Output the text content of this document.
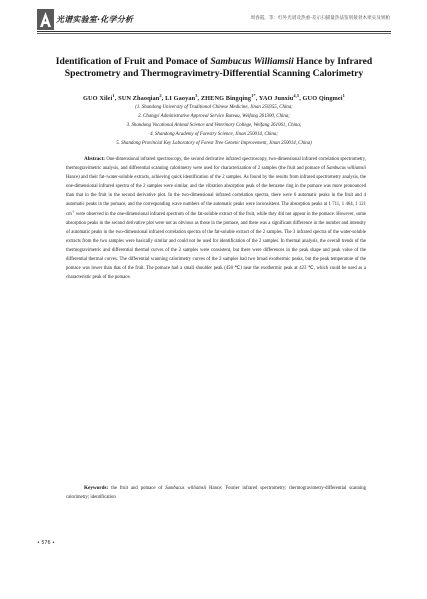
光谱实验室·化学分析	周春霞，等：红外光谱及热重-差示扫描量热法鉴别接骨木果实及果粕
Identification of Fruit and Pomace of Sambucus Williamsii Hance by Infrared
Spectrometry and Thermogravimetry-Differential Scanning Calorimetry
GUO Xilei$^1$, SUN Zhaoqian$^2$, LI Gaoyan$^3$, ZHENG Bingqing$^{1*}$, YAO Junxiu$^{4,5}$, GUO Qingmei$^1$
(1. Shandong University of Traditional Chinese Medicine, Jinan 250355, China;
2. Changyi Administrative Approval Service Bureau, Weifang 261300, China;
3. Shandong Vocational Animal Science and Veterinary College, Weifang 261061, China;
4. Shandong Academy of Forestry Science, Jinan 250014, China;
5. Shandong Provincial Key Laboratory of Forest Tree Genetic Improvement, Jinan 250014, China)
Abstract: One-dimensional infrared spectroscopy, the second derivative infrared spectroscopy, two-dimensional infrared correlation spectrometry, thermogravimetric analysis, and differential scanning calorimetry were used for characterization of 2 samples (the fruit and pomace of Sambucus williamsii Hance) and their fat-/water-soluble extracts, achieving quick identification of the 2 samples. As found by the results from infrared spectrometry analysis, the one-dimensional infrared spectra of the 2 samples were similar, and the vibration absorption peak of the benzene ring in the pomace was more pronounced than that in the fruit in the second derivative plot. In the two-dimensional infrared correlation spectra, there were 6 automatic peaks in the fruit and 4 automatic peaks in the pomace, and the corresponding wave numbers of the automatic peaks were inconsistent. The absorption peaks at 1 711, 1 464, 1 121 $cm^{-1}$ were observed in the one-dimensional infrared spectrum of the fat-soluble extract of the fruit, while they did not appear in the pomace. However, some absorption peaks in the second derivative plot were not as obvious as those in the pomace, and there was a significant difference in the number and intensity of automatic peaks in the two-dimensional infrared correlation spectra of the fat-soluble extract of the 2 samples. The 3 infrared spectra of the water-soluble extracts from the two samples were basically similar and could not be used for identification of the 2 samples. In thermal analysis, the overall trends of the thermogravimetric and differential thermal curves of the 2 samples were consistent, but there were differences in the peak shape and peak value of the differential thermal curves. The differential scanning calorimetry curves of the 2 samples had two broad exothermic peaks, but the peak temperature of the pomace was lower than that of the fruit. The pomace had a small shoulder peak (458 ℃) near the exothermic peak at 423 ℃, which could be used as a characteristic peak of the pomace.
Keywords: the fruit and pomace of Sambucus williamsii Hance; Fourier infrared spectrometry; thermogravimetry-differential scanning calorimetry; identification
• 576 •
